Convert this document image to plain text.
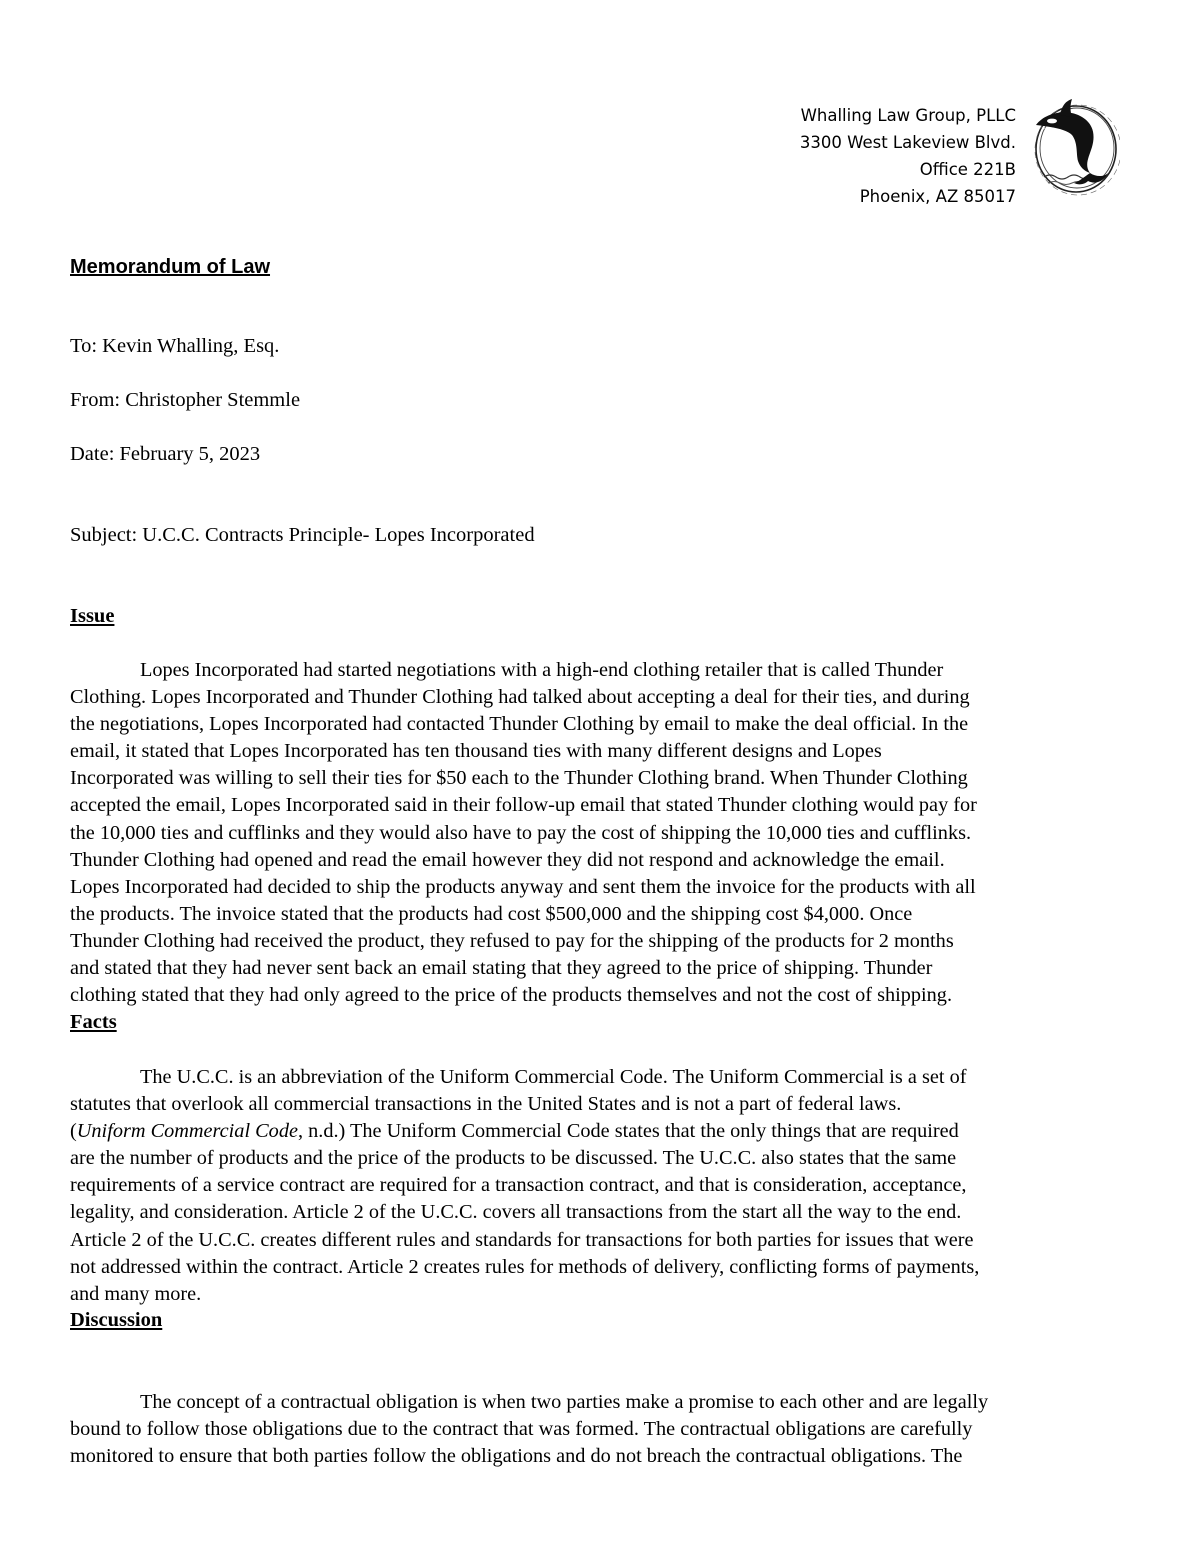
Whalling Law Group, PLLC
3300 West Lakeview Blvd.
Office 221B
Phoenix, AZ 85017
Memorandum of Law
To: Kevin Whalling, Esq.
From: Christopher Stemmle
Date: February 5, 2023
Subject: U.C.C. Contracts Principle- Lopes Incorporated
Issue
Lopes Incorporated had started negotiations with a high-end clothing retailer that is called Thunder
Clothing. Lopes Incorporated and Thunder Clothing had talked about accepting a deal for their ties, and during
the negotiations, Lopes Incorporated had contacted Thunder Clothing by email to make the deal official. In the
email, it stated that Lopes Incorporated has ten thousand ties with many different designs and Lopes
Incorporated was willing to sell their ties for $50 each to the Thunder Clothing brand. When Thunder Clothing
accepted the email, Lopes Incorporated said in their follow-up email that stated Thunder clothing would pay for
the 10,000 ties and cufflinks and they would also have to pay the cost of shipping the 10,000 ties and cufflinks.
Thunder Clothing had opened and read the email however they did not respond and acknowledge the email.
Lopes Incorporated had decided to ship the products anyway and sent them the invoice for the products with all
the products. The invoice stated that the products had cost $500,000 and the shipping cost $4,000. Once
Thunder Clothing had received the product, they refused to pay for the shipping of the products for 2 months
and stated that they had never sent back an email stating that they agreed to the price of shipping. Thunder
clothing stated that they had only agreed to the price of the products themselves and not the cost of shipping.
Facts
The U.C.C. is an abbreviation of the Uniform Commercial Code. The Uniform Commercial is a set of
statutes that overlook all commercial transactions in the United States and is not a part of federal laws.
(Uniform Commercial Code, n.d.) The Uniform Commercial Code states that the only things that are required
are the number of products and the price of the products to be discussed. The U.C.C. also states that the same
requirements of a service contract are required for a transaction contract, and that is consideration, acceptance,
legality, and consideration. Article 2 of the U.C.C. covers all transactions from the start all the way to the end.
Article 2 of the U.C.C. creates different rules and standards for transactions for both parties for issues that were
not addressed within the contract. Article 2 creates rules for methods of delivery, conflicting forms of payments,
and many more.
Discussion
The concept of a contractual obligation is when two parties make a promise to each other and are legally
bound to follow those obligations due to the contract that was formed. The contractual obligations are carefully
monitored to ensure that both parties follow the obligations and do not breach the contractual obligations. The
